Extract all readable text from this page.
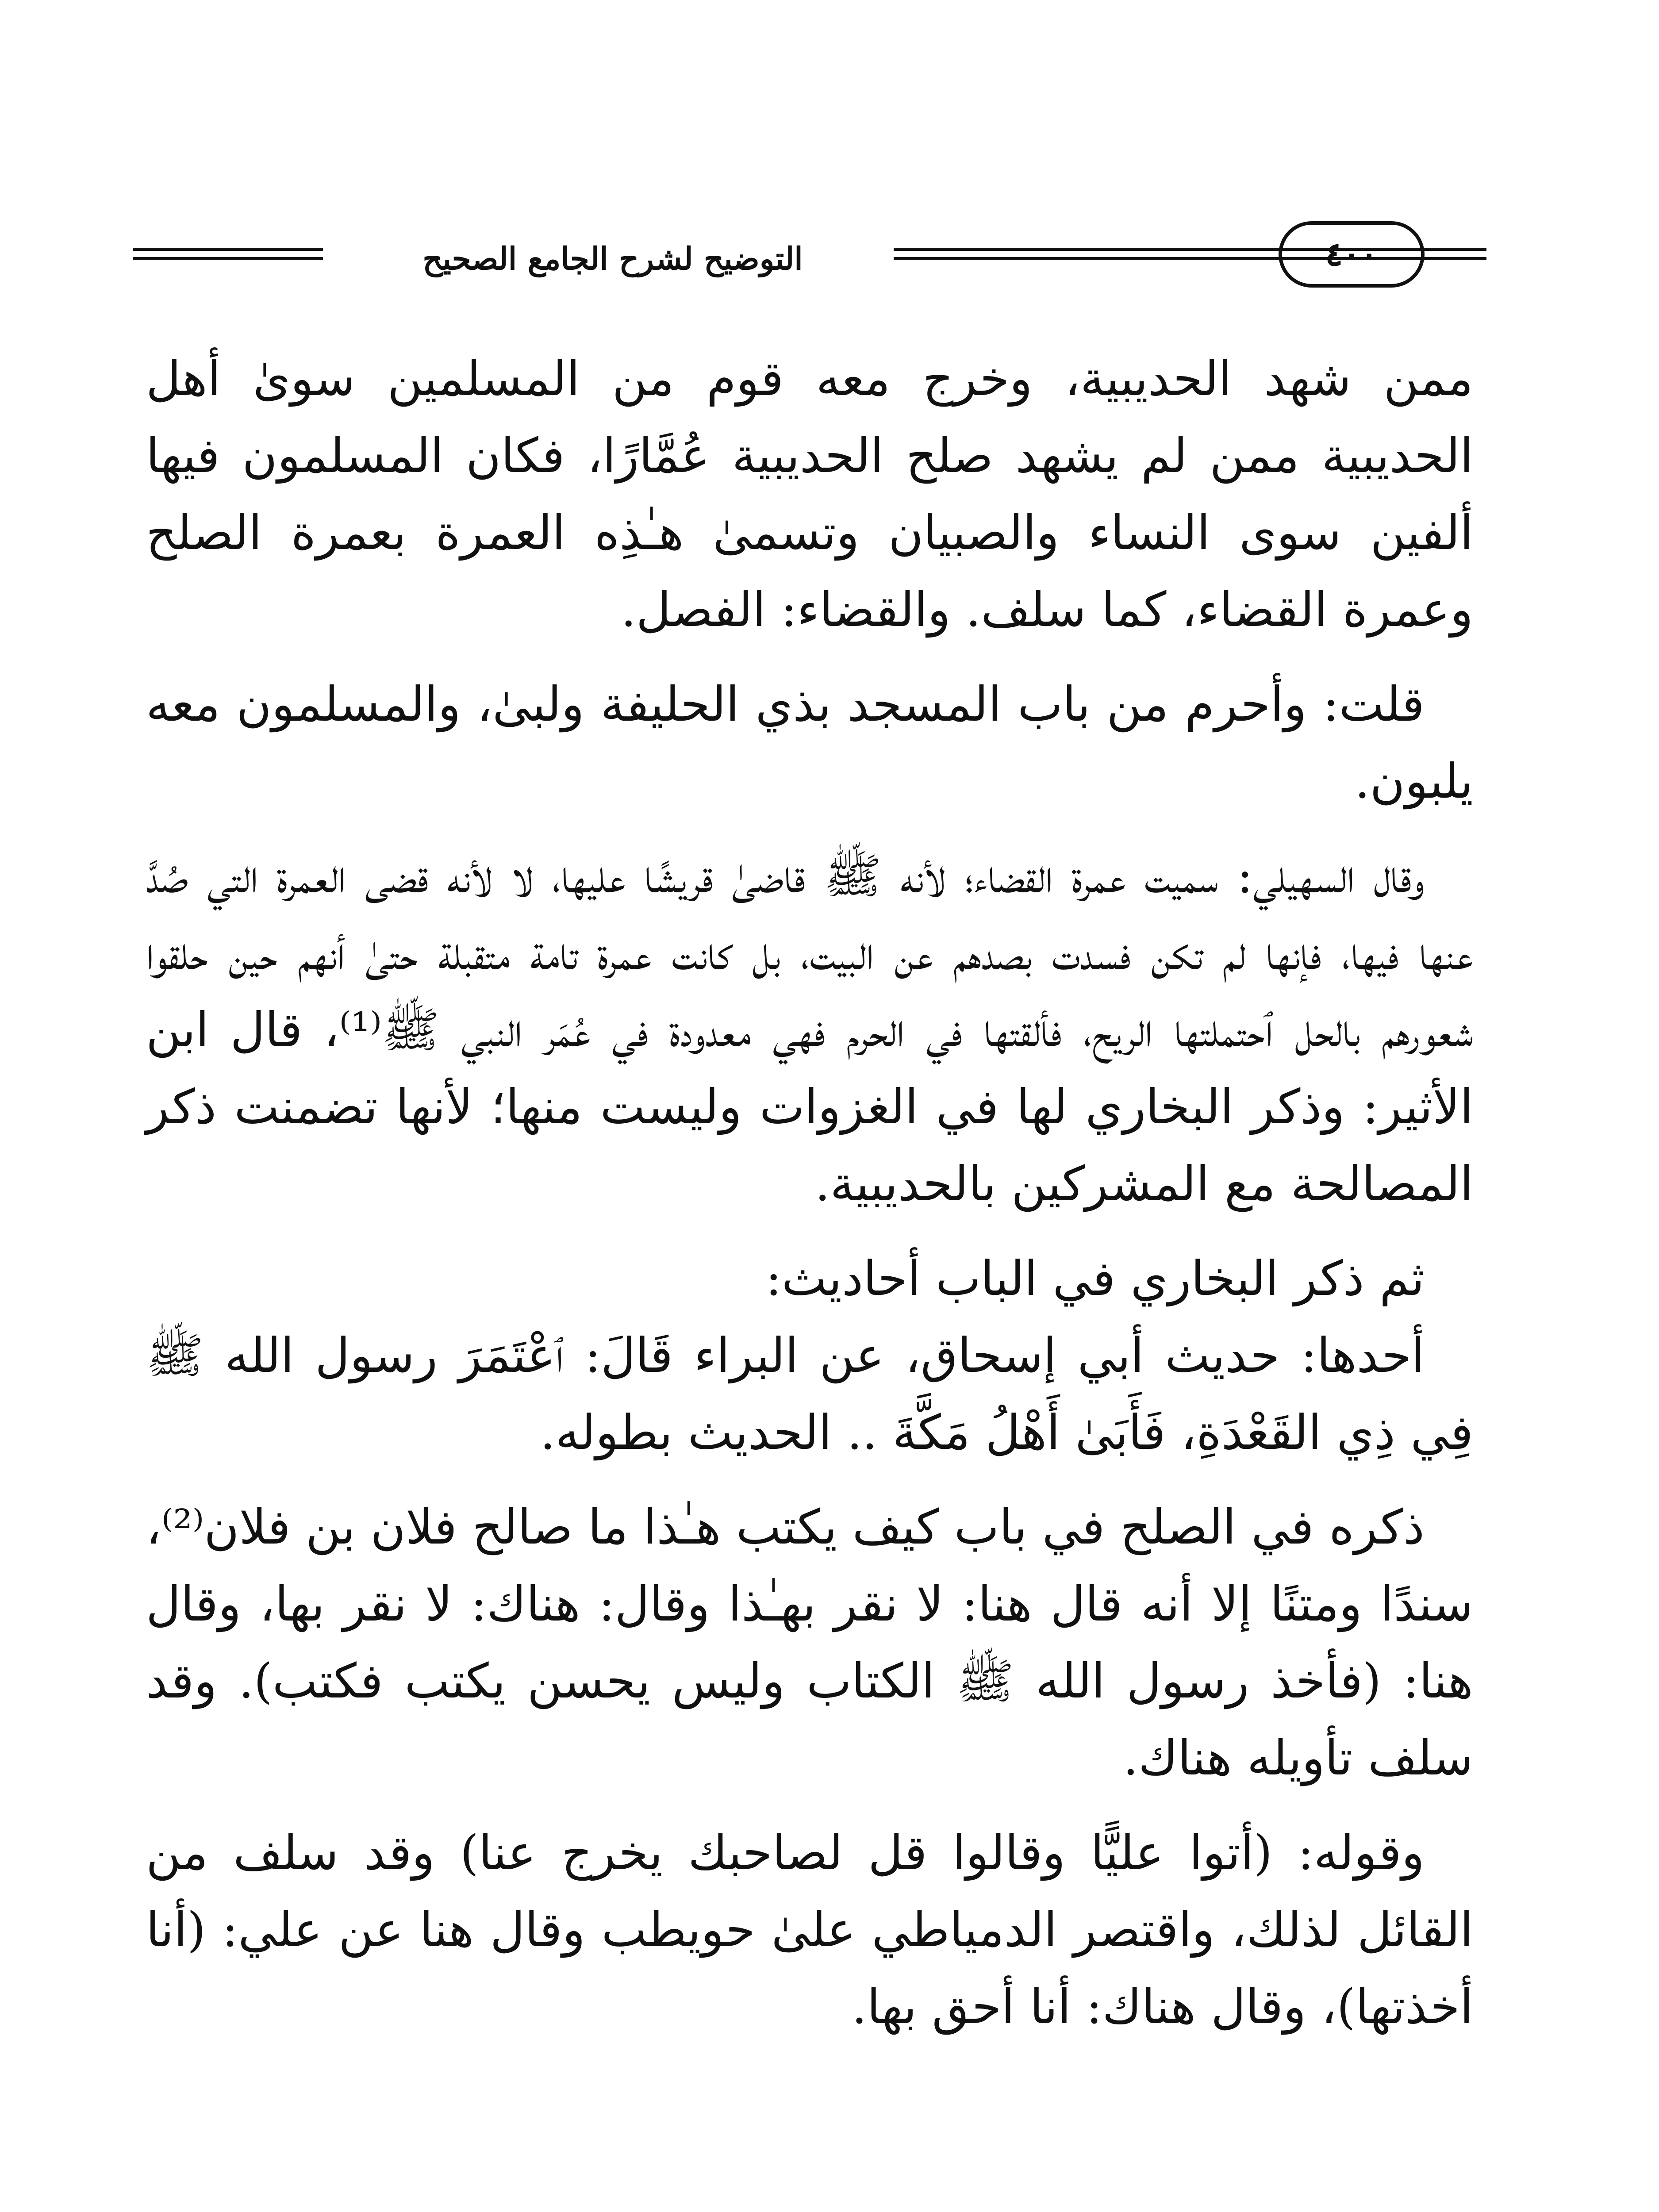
التوضيح لشرح الجامع الصحيح	٤٠٠

ممن شهد الحديبية، وخرج معه قوم من المسلمين سوىٰ أهل الحديبية ممن لم يشهد صلح الحديبية عُمَّارًا، فكان المسلمون فيها ألفين سوى النساء والصبيان وتسمىٰ هـٰذِه العمرة بعمرة الصلح وعمرة القضاء، كما سلف. والقضاء: الفصل.

قلت: وأحرم من باب المسجد بذي الحليفة ولبىٰ، والمسلمون معه يلبون.

وقال السهيلي: سميت عمرة القضاء؛ لأنه ﷺ قاضىٰ قريشًا عليها، لا لأنه قضى العمرة التي صُدَّ عنها فيها، فإنها لم تكن فسدت بصدهم عن البيت، بل كانت عمرة تامة متقبلة حتىٰ أنهم حين حلقوا شعورهم بالحل ٱحتملتها الريح، فألقتها في الحرم فهي معدودة في عُمَر النبي ﷺ⁽¹⁾، قال ابن الأثير: وذكر البخاري لها في الغزوات وليست منها؛ لأنها تضمنت ذكر المصالحة مع المشركين بالحديبية.

ثم ذكر البخاري في الباب أحاديث:

أحدها: حديث أبي إسحاق، عن البراء قَالَ: ٱعْتَمَرَ رسول الله ﷺ فِي ذِي القَعْدَةِ، فَأَبَىٰ أَهْلُ مَكَّةَ .. الحديث بطوله.

ذكره في الصلح في باب كيف يكتب هـٰذا ما صالح فلان بن فلان⁽²⁾، سندًا ومتنًا إلا أنه قال هنا: لا نقر بهـٰذا وقال: هناك: لا نقر بها، وقال هنا: (فأخذ رسول الله ﷺ الكتاب وليس يحسن يكتب فكتب). وقد سلف تأويله هناك.

وقوله: (أتوا عليًّا وقالوا قل لصاحبك يخرج عنا) وقد سلف من القائل لذلك، واقتصر الدمياطي علىٰ حويطب وقال هنا عن علي: (أنا أخذتها)، وقال هناك: أنا أحق بها.
